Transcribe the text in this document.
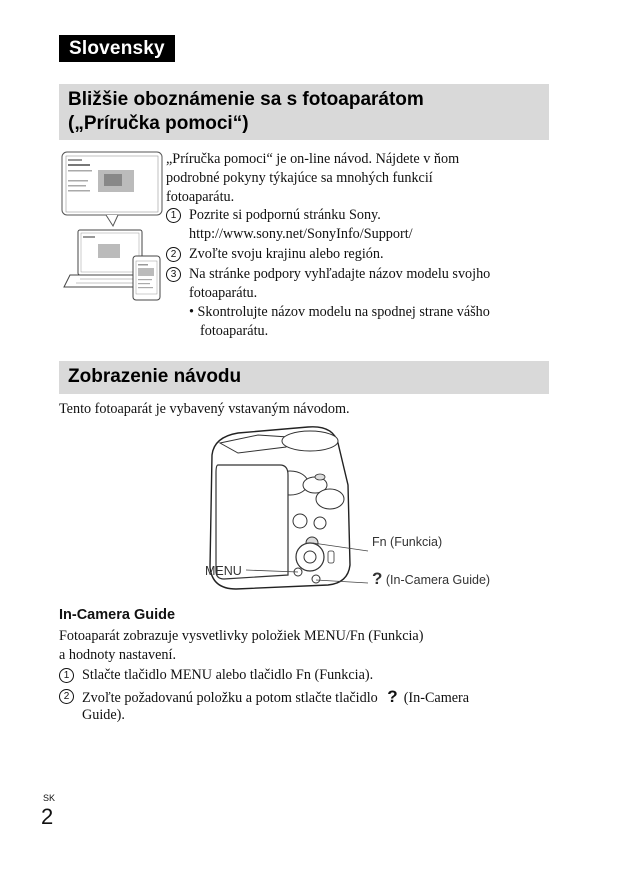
Slovensky
Bližšie oboznámenie sa s fotoaparátom
(„Príručka pomoci“)
„Príručka pomoci“ je on-line návod. Nájdete v ňom
podrobné pokyny týkajúce sa mnohých funkcií
fotoaparátu.
1 Pozrite si podpornú stránku Sony.
http://www.sony.net/SonyInfo/Support/
2 Zvoľte svoju krajinu alebo región.
3 Na stránke podpory vyhľadajte názov modelu svojho
fotoaparátu.
• Skontrolujte názov modelu na spodnej strane vášho
fotoaparátu.
Zobrazenie návodu
Tento fotoaparát je vybavený vstavaným návodom.
Fn (Funkcia)
MENU	? (In-Camera Guide)
In-Camera Guide
Fotoaparát zobrazuje vysvetlivky položiek MENU/Fn (Funkcia)
a hodnoty nastavení.
1 Stlačte tlačidlo MENU alebo tlačidlo Fn (Funkcia).
2 Zvoľte požadovanú položku a potom stlačte tlačidlo ? (In-Camera
Guide).
SK
2
